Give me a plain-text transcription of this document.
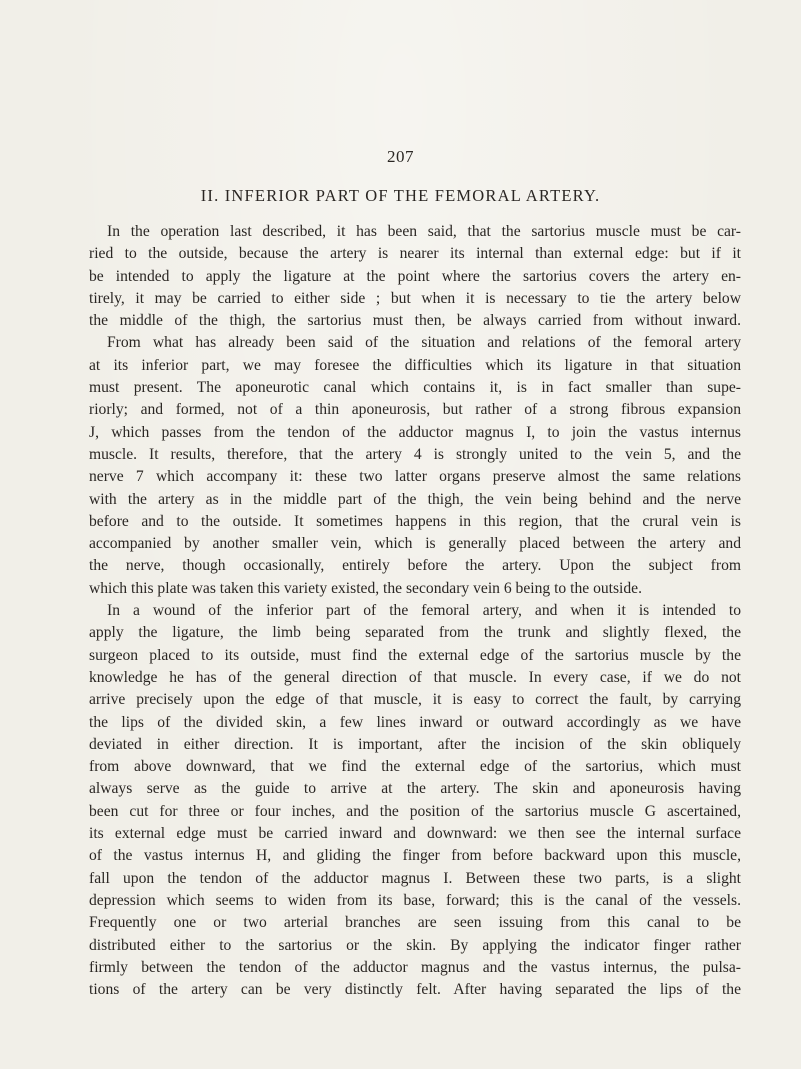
207
II. INFERIOR PART OF THE FEMORAL ARTERY.
In the operation last described, it has been said, that the sartorius muscle must be car-
ried to the outside, because the artery is nearer its internal than external edge: but if it
be intended to apply the ligature at the point where the sartorius covers the artery en-
tirely, it may be carried to either side ; but when it is necessary to tie the artery below
the middle of the thigh, the sartorius must then, be always carried from without inward.
From what has already been said of the situation and relations of the femoral artery
at its inferior part, we may foresee the difficulties which its ligature in that situation
must present. The aponeurotic canal which contains it, is in fact smaller than supe-
riorly; and formed, not of a thin aponeurosis, but rather of a strong fibrous expansion
J, which passes from the tendon of the adductor magnus I, to join the vastus internus
muscle. It results, therefore, that the artery 4 is strongly united to the vein 5, and the
nerve 7 which accompany it: these two latter organs preserve almost the same relations
with the artery as in the middle part of the thigh, the vein being behind and the nerve
before and to the outside. It sometimes happens in this region, that the crural vein is
accompanied by another smaller vein, which is generally placed between the artery and
the nerve, though occasionally, entirely before the artery. Upon the subject from
which this plate was taken this variety existed, the secondary vein 6 being to the outside.
In a wound of the inferior part of the femoral artery, and when it is intended to
apply the ligature, the limb being separated from the trunk and slightly flexed, the
surgeon placed to its outside, must find the external edge of the sartorius muscle by the
knowledge he has of the general direction of that muscle. In every case, if we do not
arrive precisely upon the edge of that muscle, it is easy to correct the fault, by carrying
the lips of the divided skin, a few lines inward or outward accordingly as we have
deviated in either direction. It is important, after the incision of the skin obliquely
from above downward, that we find the external edge of the sartorius, which must
always serve as the guide to arrive at the artery. The skin and aponeurosis having
been cut for three or four inches, and the position of the sartorius muscle G ascertained,
its external edge must be carried inward and downward: we then see the internal surface
of the vastus internus H, and gliding the finger from before backward upon this muscle,
fall upon the tendon of the adductor magnus I. Between these two parts, is a slight
depression which seems to widen from its base, forward; this is the canal of the vessels.
Frequently one or two arterial branches are seen issuing from this canal to be
distributed either to the sartorius or the skin. By applying the indicator finger rather
firmly between the tendon of the adductor magnus and the vastus internus, the pulsa-
tions of the artery can be very distinctly felt. After having separated the lips of the
